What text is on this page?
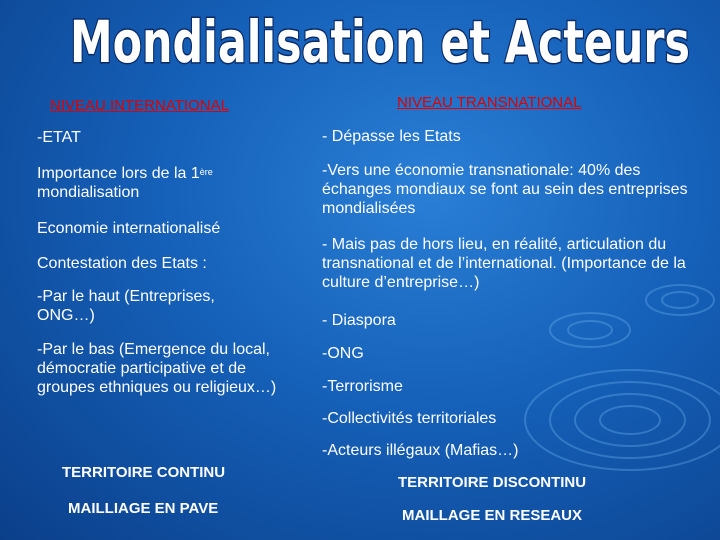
Mondialisation et Acteurs
NIVEAU INTERNATIONAL
-ETAT
Importance lors de la 1ère
mondialisation
Economie internationalisé
Contestation des Etats :
-Par le haut (Entreprises, ONG…)
-Par le bas (Emergence du local, démocratie participative et de groupes ethniques ou religieux…)
TERRITOIRE CONTINU
MAILLIAGE EN PAVE
NIVEAU TRANSNATIONAL
- Dépasse les Etats
-Vers une économie transnationale: 40% des échanges mondiaux se font au sein des entreprises mondialisées
- Mais pas de hors lieu, en réalité, articulation du transnational et de l’international. (Importance de la culture d’entreprise…)
- Diaspora
-ONG
-Terrorisme
-Collectivités territoriales
-Acteurs illégaux (Mafias…)
TERRITOIRE DISCONTINU
MAILLAGE EN RESEAUX
